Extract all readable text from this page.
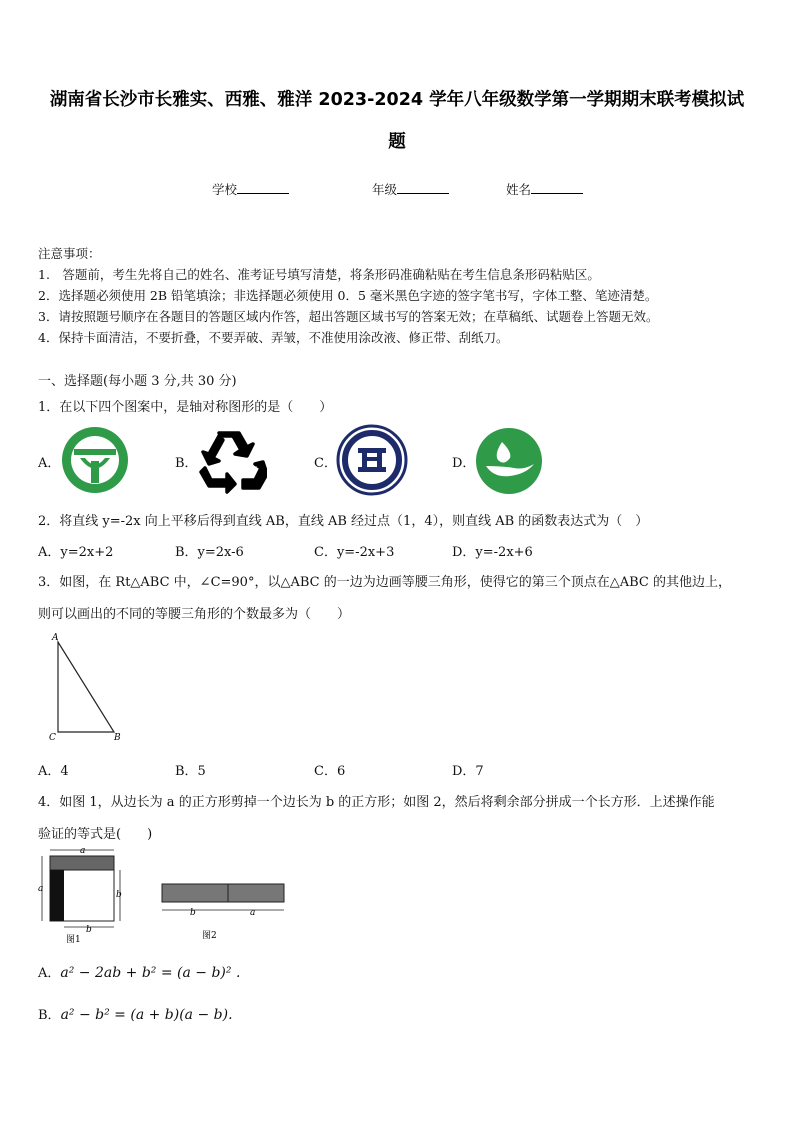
湖南省长沙市长雅实、西雅、雅洋 2023-2024 学年八年级数学第一学期期末联考模拟试
题
学校	年级	姓名
注意事项：
1.　答题前，考生先将自己的姓名、准考证号填写清楚，将条形码准确粘贴在考生信息条形码粘贴区。
2．选择题必须使用 2B 铅笔填涂；非选择题必须使用 0．5 毫米黑色字迹的签字笔书写，字体工整、笔迹清楚。
3．请按照题号顺序在各题目的答题区域内作答，超出答题区域书写的答案无效；在草稿纸、试题卷上答题无效。
4．保持卡面清洁，不要折叠，不要弄破、弄皱，不准使用涂改液、修正带、刮纸刀。
一、选择题(每小题 3 分,共 30 分)
1．在以下四个图案中，是轴对称图形的是（　　）
A．	B．	C．	D．
2．将直线 y=-2x 向上平移后得到直线 AB，直线 AB 经过点（1，4），则直线 AB 的函数表达式为（　）
A．y=2x+2	B．y=2x-6	C．y=-2x+3	D．y=-2x+6
3．如图，在 Rt△ABC 中，∠C=90°，以△ABC 的一边为边画等腰三角形，使得它的第三个顶点在△ABC 的其他边上，
则可以画出的不同的等腰三角形的个数最多为（　　）
A
C	B
A．4	B．5	C．6	D．7
4．如图 1，从边长为 a 的正方形剪掉一个边长为 b 的正方形；如图 2，然后将剩余部分拼成一个长方形．上述操作能
验证的等式是(　　)
a
a
b
b
图1
b	a
图2
A．a² − 2ab + b² = (a − b)² .
B．a² − b² = (a + b)(a − b).
